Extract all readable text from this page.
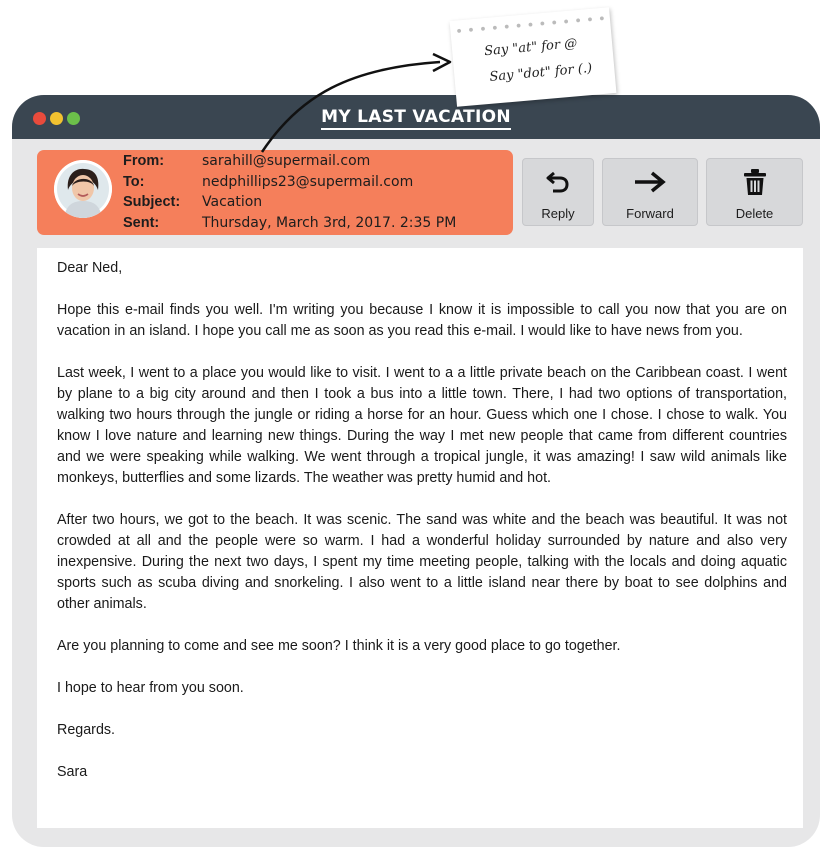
MY LAST VACATION
From:	sarahill@supermail.com
To:	nedphillips23@supermail.com
Subject:	Vacation
Sent:	Thursday, March 3rd, 2017. 2:35 PM
Reply	Forward	Delete

Dear Ned,

Hope this e-mail finds you well. I'm writing you because I know it is impossible to call you now that you are on vacation in an island. I hope you call me as soon as you read this e-mail. I would like to have news from you.

Last week, I went to a place you would like to visit. I went to a a little private beach on the Caribbean coast. I went by plane to a big city around and then I took a bus into a little town. There, I had two options of transportation, walking two hours through the jungle or riding a horse for an hour. Guess which one I chose. I chose to walk. You know I love nature and learning new things. During the way I met new people that came from different countries and we were speaking while walking. We went through a tropical jungle, it was amazing! I saw wild animals like monkeys, butterflies and some lizards. The weather was pretty humid and hot.

After two hours, we got to the beach. It was scenic. The sand was white and the beach was beautiful. It was not crowded at all and the people were so warm. I had a wonderful holiday surrounded by nature and also very inexpensive. During the next two days, I spent my time meeting people, talking with the locals and doing aquatic sports such as scuba diving and snorkeling. I also went to a little island near there by boat to see dolphins and other animals.

Are you planning to come and see me soon? I think it is a very good place to go together.

I hope to hear from you soon.

Regards.

Sara

● ● ● ● ● ● ● ● ● ● ● ● ●
Say "at" for @
Say "dot" for (.)
